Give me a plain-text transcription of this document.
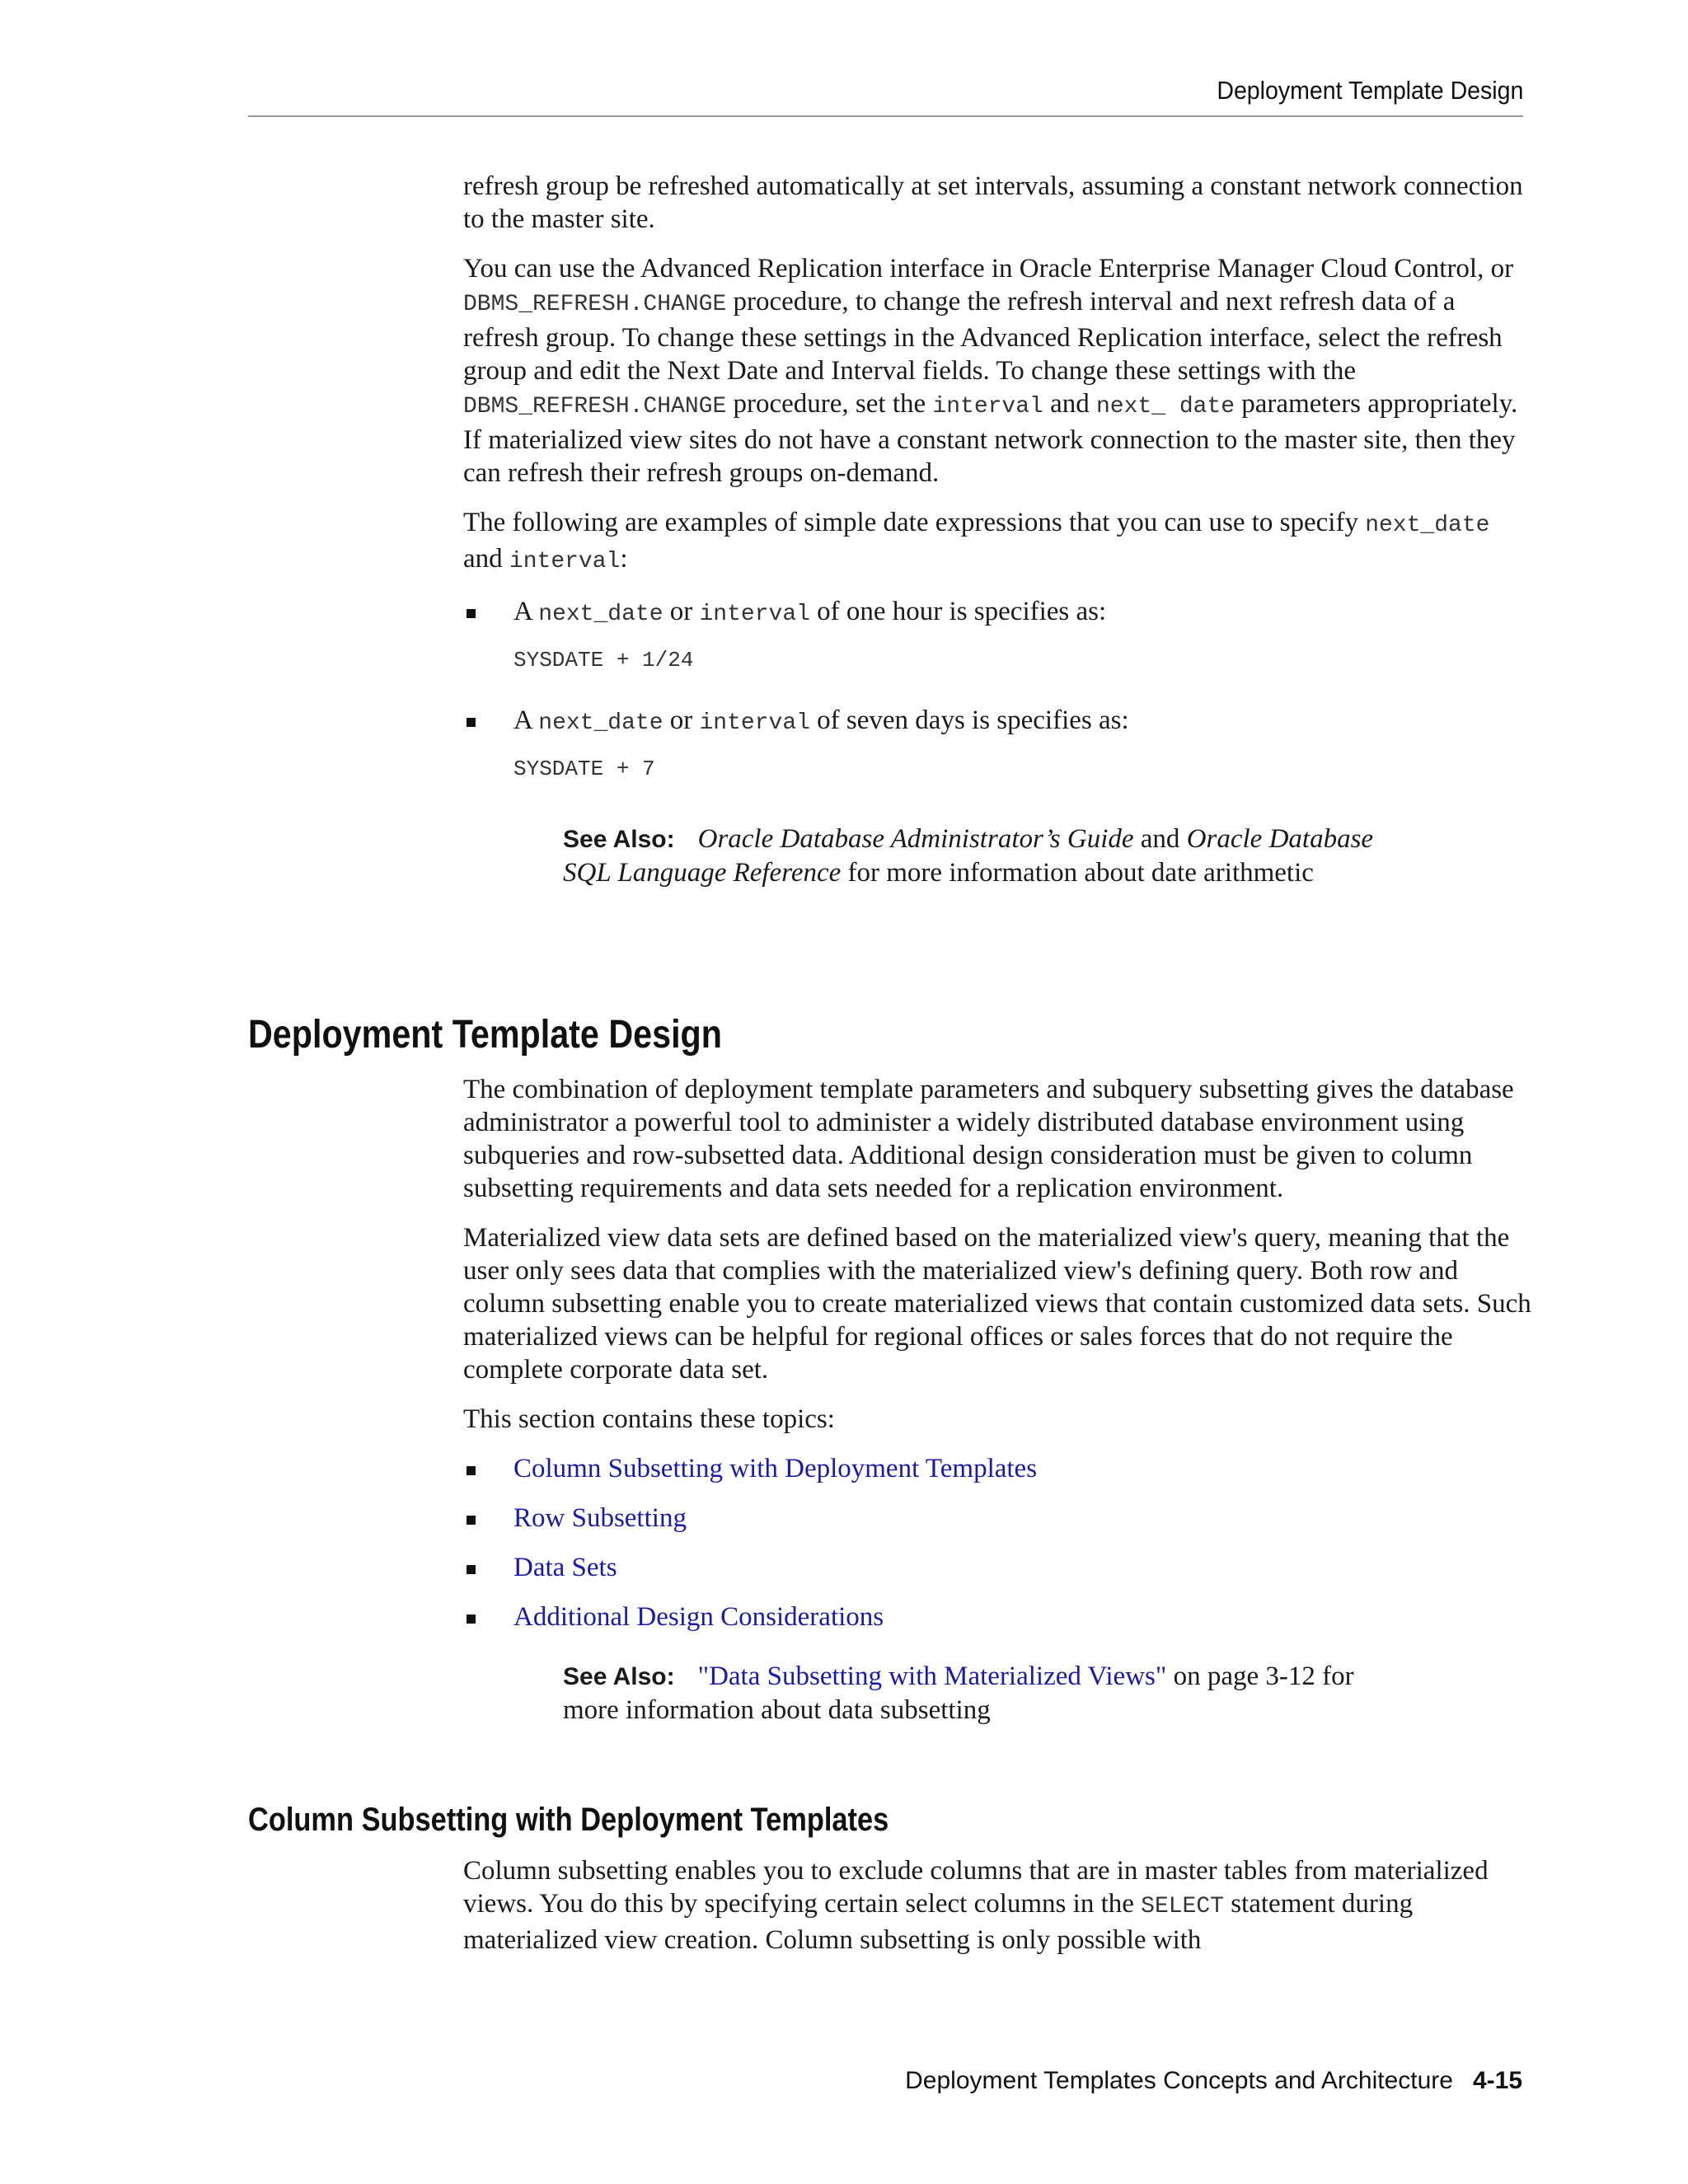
Deployment Template Design

refresh group be refreshed automatically at set intervals, assuming a constant network connection to the master site.

You can use the Advanced Replication interface in Oracle Enterprise Manager Cloud Control, or DBMS_REFRESH.CHANGE procedure, to change the refresh interval and next refresh data of a refresh group. To change these settings in the Advanced Replication interface, select the refresh group and edit the Next Date and Interval fields. To change these settings with the DBMS_REFRESH.CHANGE procedure, set the interval and next_ date parameters appropriately. If materialized view sites do not have a constant network connection to the master site, then they can refresh their refresh groups on-demand.

The following are examples of simple date expressions that you can use to specify next_date and interval:

A next_date or interval of one hour is specifies as:
SYSDATE + 1/24
A next_date or interval of seven days is specifies as:
SYSDATE + 7
See Also: Oracle Database Administrator’s Guide and Oracle Database SQL Language Reference for more information about date arithmetic
Deployment Template Design

The combination of deployment template parameters and subquery subsetting gives the database administrator a powerful tool to administer a widely distributed database environment using subqueries and row-subsetted data. Additional design consideration must be given to column subsetting requirements and data sets needed for a replication environment.

Materialized view data sets are defined based on the materialized view's query, meaning that the user only sees data that complies with the materialized view's defining query. Both row and column subsetting enable you to create materialized views that contain customized data sets. Such materialized views can be helpful for regional offices or sales forces that do not require the complete corporate data set.

This section contains these topics:

Column Subsetting with Deployment Templates
Row Subsetting
Data Sets
Additional Design Considerations
See Also: "Data Subsetting with Materialized Views" on page 3-12 for more information about data subsetting
Column Subsetting with Deployment Templates

Column subsetting enables you to exclude columns that are in master tables from materialized views. You do this by specifying certain select columns in the SELECT statement during materialized view creation. Column subsetting is only possible with

Deployment Templates Concepts and Architecture 4-15
